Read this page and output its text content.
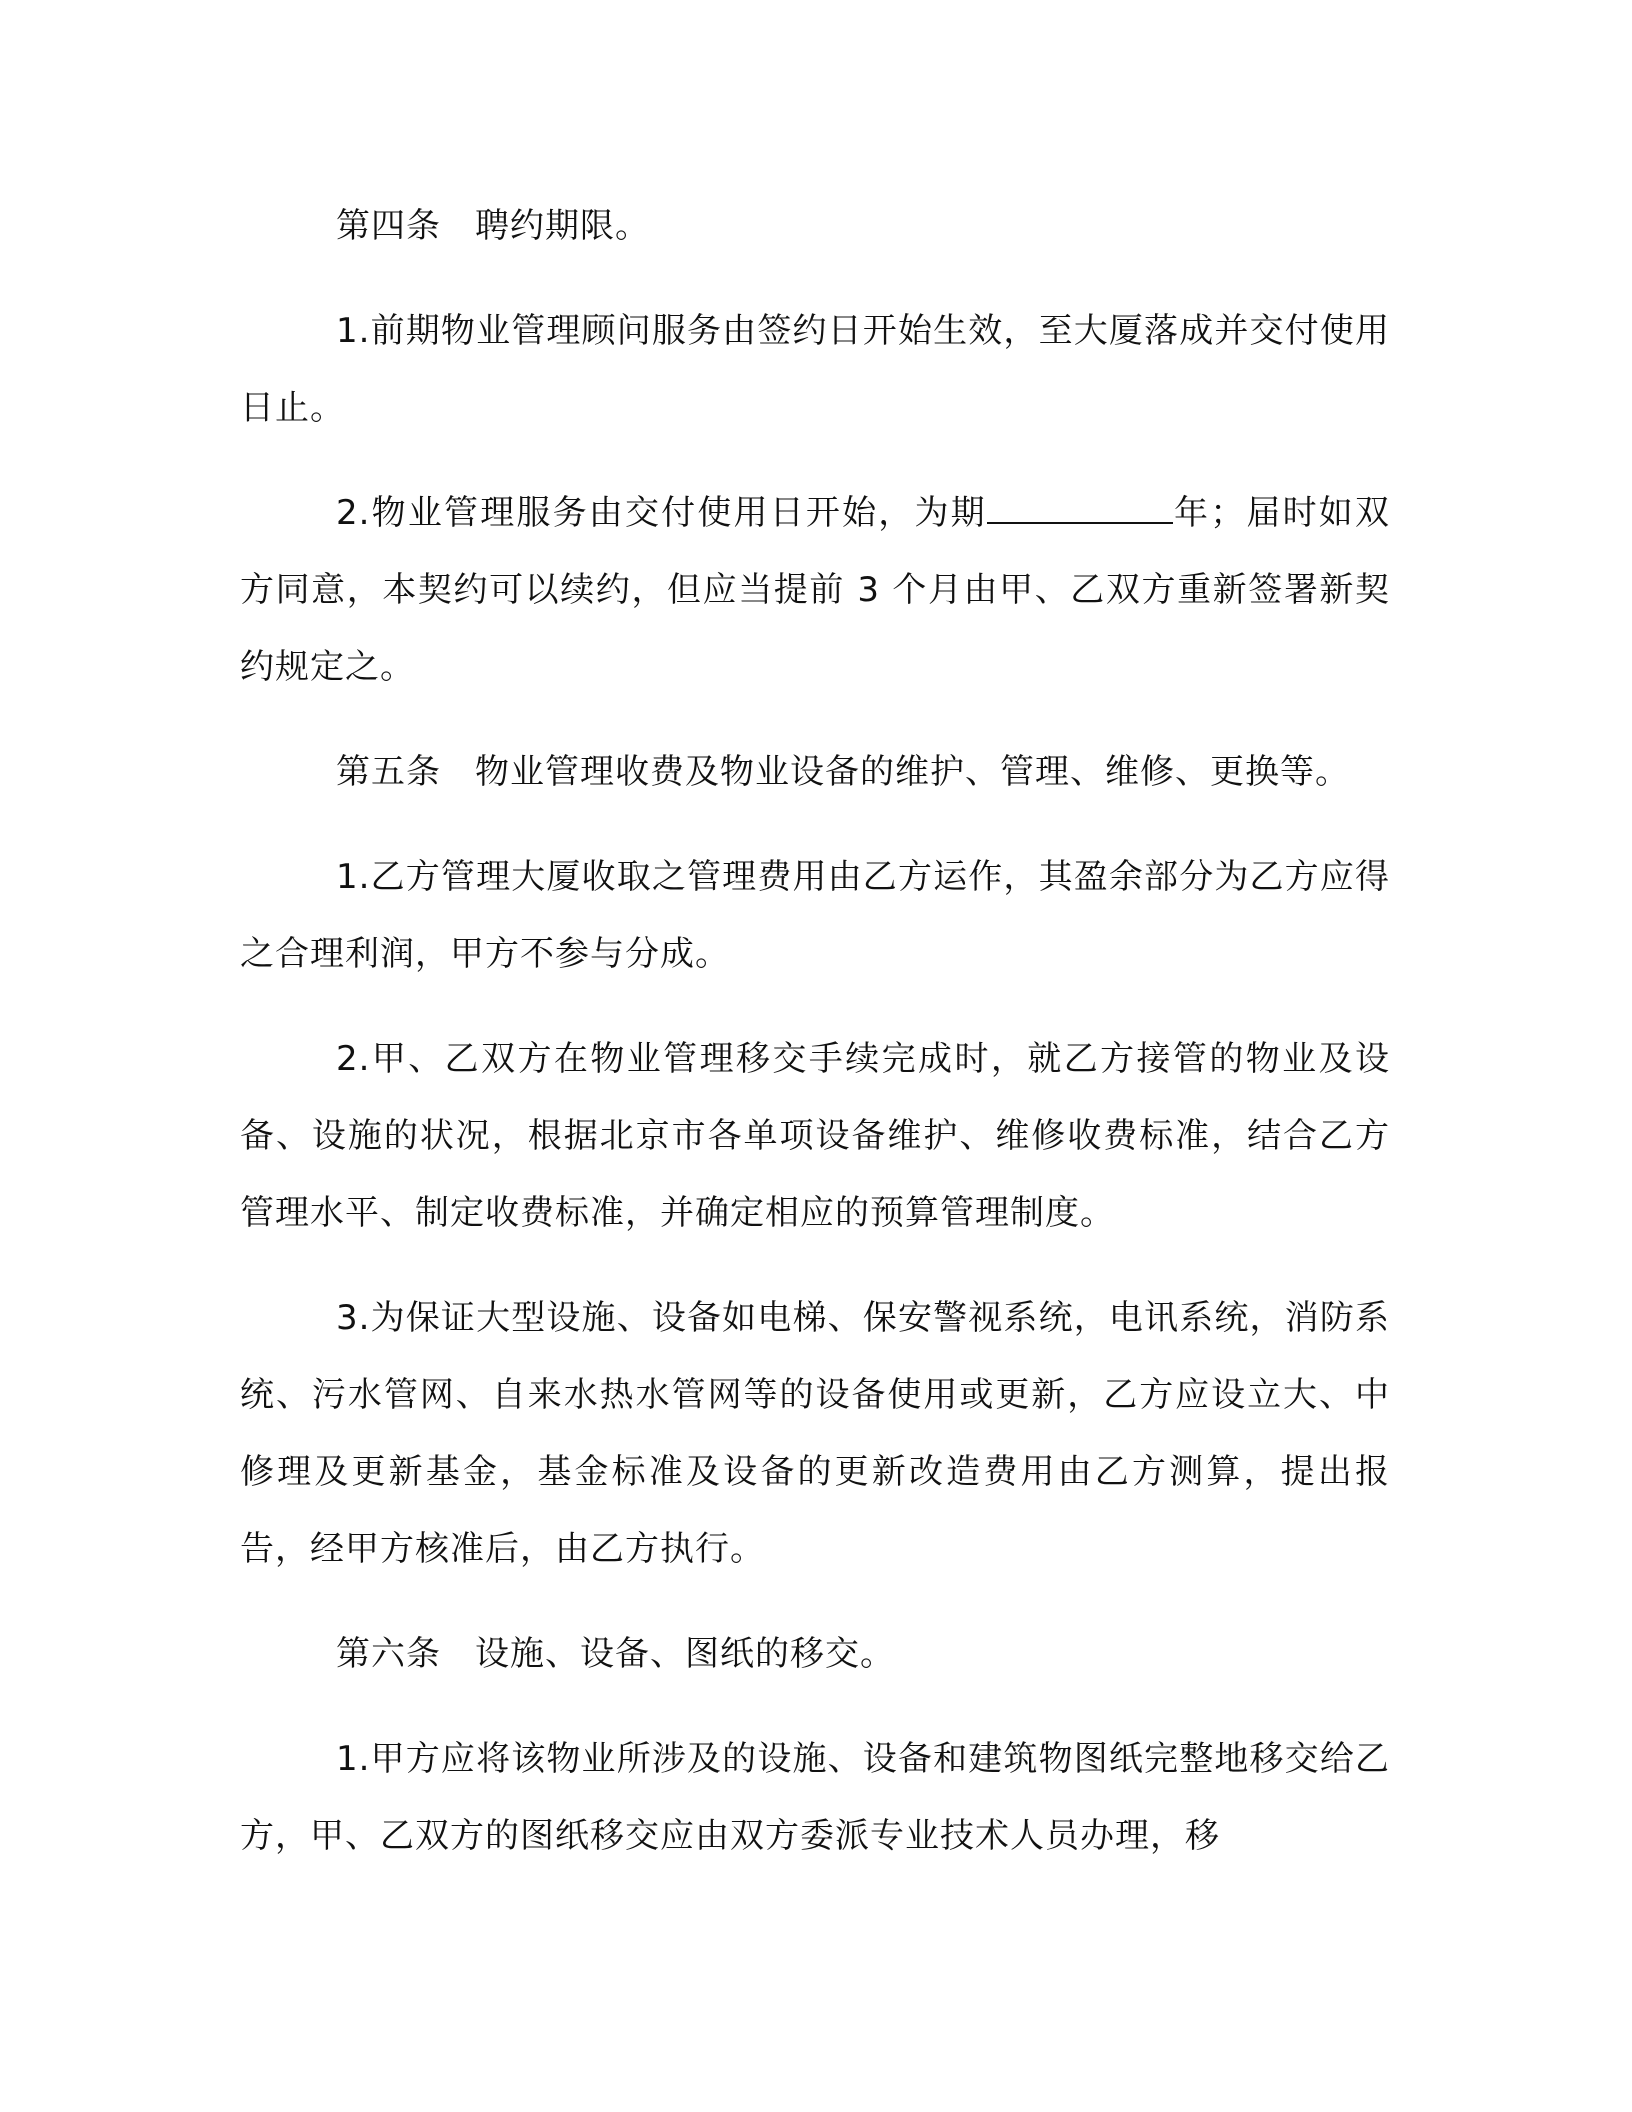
第四条 聘约期限。

1.前期物业管理顾问服务由签约日开始生效，至大厦落成并交付使用日止。

2.物业管理服务由交付使用日开始，为期	年；届时如双方同意，本契约可以续约，但应当提前 3 个月由甲、乙双方重新签署新契约规定之。

第五条 物业管理收费及物业设备的维护、管理、维修、更换等。

1.乙方管理大厦收取之管理费用由乙方运作，其盈余部分为乙方应得之合理利润，甲方不参与分成。

2.甲、乙双方在物业管理移交手续完成时，就乙方接管的物业及设备、设施的状况，根据北京市各单项设备维护、维修收费标准，结合乙方管理水平、制定收费标准，并确定相应的预算管理制度。

3.为保证大型设施、设备如电梯、保安警视系统，电讯系统，消防系统、污水管网、自来水热水管网等的设备使用或更新，乙方应设立大、中修理及更新基金，基金标准及设备的更新改造费用由乙方测算，提出报告，经甲方核准后，由乙方执行。

第六条 设施、设备、图纸的移交。

1.甲方应将该物业所涉及的设施、设备和建筑物图纸完整地移交给乙方，甲、乙双方的图纸移交应由双方委派专业技术人员办理，移
